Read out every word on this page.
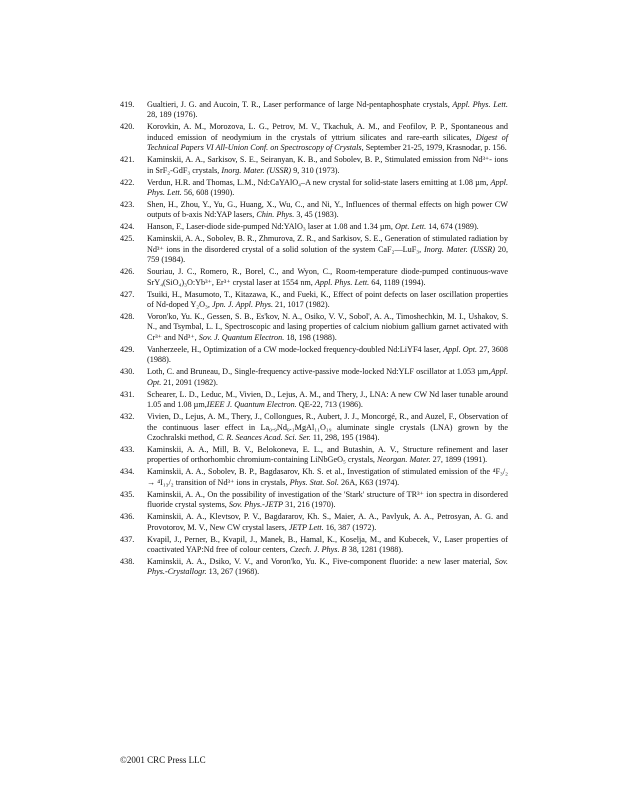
419. Gualtieri, J. G. and Aucoin, T. R., Laser performance of large Nd-pentaphosphate crystals, Appl. Phys. Lett. 28, 189 (1976).
420. Korovkin, A. M., Morozova, L. G., Petrov, M. V., Tkachuk, A. M., and Feofilov, P. P., Spontaneous and induced emission of neodymium in the crystals of yttrium silicates and rare-earth silicates, Digest of Technical Papers VI All-Union Conf. on Spectroscopy of Crystals, September 21-25, 1979, Krasnodar, p. 156.
421. Kaminskii, A. A., Sarkisov, S. E., Seiranyan, K. B., and Sobolev, B. P., Stimulated emission from Nd³⁺- ions in SrF₂-GdF₃ crystals, Inorg. Mater. (USSR) 9, 310 (1973).
422. Verdun, H.R. and Thomas, L.M., Nd:CaYAlO₄–A new crystal for solid-state lasers emitting at 1.08 µm, Appl. Phys. Lett. 56, 608 (1990).
423. Shen, H., Zhou, Y., Yu, G., Huang, X., Wu, C., and Ni, Y., Influences of thermal effects on high power CW outputs of b-axis Nd:YAP lasers, Chin. Phys. 3, 45 (1983).
424. Hanson, F., Laser-diode side-pumped Nd:YAlO₃ laser at 1.08 and 1.34 µm, Opt. Lett. 14, 674 (1989).
425. Kaminskii, A. A., Sobolev, B. R., Zhmurova, Z. R., and Sarkisov, S. E., Generation of stimulated radiation by Nd³⁺ ions in the disordered crystal of a solid solution of the system CaF₂—LuF₃, Inorg. Mater. (USSR) 20, 759 (1984).
426. Souriau, J. C., Romero, R., Borel, C., and Wyon, C., Room-temperature diode-pumped continuous-wave SrY₄(SiO₄)₃O:Yb³⁺, Er³⁺ crystal laser at 1554 nm, Appl. Phys. Lett. 64, 1189 (1994).
427. Tsuiki, H., Masumoto, T., Kitazawa, K., and Fueki, K., Effect of point defects on laser oscillation properties of Nd-doped Y₂O₃, Jpn. J. Appl. Phys. 21, 1017 (1982).
428. Voron'ko, Yu. K., Gessen, S. B., Es'kov, N. A., Osiko, V. V., Sobol', A. A., Timoshechkin, M. I., Ushakov, S. N., and Tsymbal, L. I., Spectroscopic and lasing properties of calcium niobium gallium garnet activated with Cr³⁺ and Nd³⁺, Sov. J. Quantum Electron. 18, 198 (1988).
429. Vanherzeele, H., Optimization of a CW mode-locked frequency-doubled Nd:LiYF4 laser, Appl. Opt. 27, 3608 (1988).
430. Loth, C. and Bruneau, D., Single-frequency active-passive mode-locked Nd:YLF oscillator at 1.053 µm,Appl. Opt. 21, 2091 (1982).
431. Schearer, L. D., Leduc, M., Vivien, D., Lejus, A. M., and Thery, J., LNA: A new CW Nd laser tunable around 1.05 and 1.08 µm,IEEE J. Quantum Electron. QE-22, 713 (1986).
432. Vivien, D., Lejus, A. M., Thery, J., Collongues, R., Aubert, J. J., Moncorgé, R., and Auzel, F., Observation of the continuous laser effect in La₀.₉Nd₀.₁MgAl₁₁O₁₉ aluminate single crystals (LNA) grown by the Czochralski method, C. R. Seances Acad. Sci. Ser. 11, 298, 195 (1984).
433. Kaminskii, A. A., Mill, B. V., Belokoneva, E. L., and Butashin, A. V., Structure refinement and laser properties of orthorhombic chromium-containing LiNbGeO₅ crystals, Neorgan. Mater. 27, 1899 (1991).
434. Kaminskii, A. A., Sobolev, B. P., Bagdasarov, Kh. S. et al., Investigation of stimulated emission of the ⁴F₃/₂ → ⁴I₁₃/₂ transition of Nd³⁺ ions in crystals, Phys. Stat. Sol. 26A, K63 (1974).
435. Kaminskii, A. A., On the possibility of investigation of the 'Stark' structure of TR³⁺ ion spectra in disordered fluoride crystal systems, Sov. Phys.-JETP 31, 216 (1970).
436. Kaminskii, A. A., Klevtsov, P. V., Bagdararov, Kh. S., Maier, A. A., Pavlyuk, A. A., Petrosyan, A. G. and Provotorov, M. V., New CW crystal lasers, JETP Lett. 16, 387 (1972).
437. Kvapil, J., Perner, B., Kvapil, J., Manek, B., Hamal, K., Koselja, M., and Kubecek, V., Laser properties of coactivated YAP:Nd free of colour centers, Czech. J. Phys. B 38, 1281 (1988).
438. Kaminskii, A. A., Dsiko, V. V., and Voron'ko, Yu. K., Five-component fluoride: a new laser material, Sov. Phys.-Crystallogr. 13, 267 (1968).
©2001 CRC Press LLC
